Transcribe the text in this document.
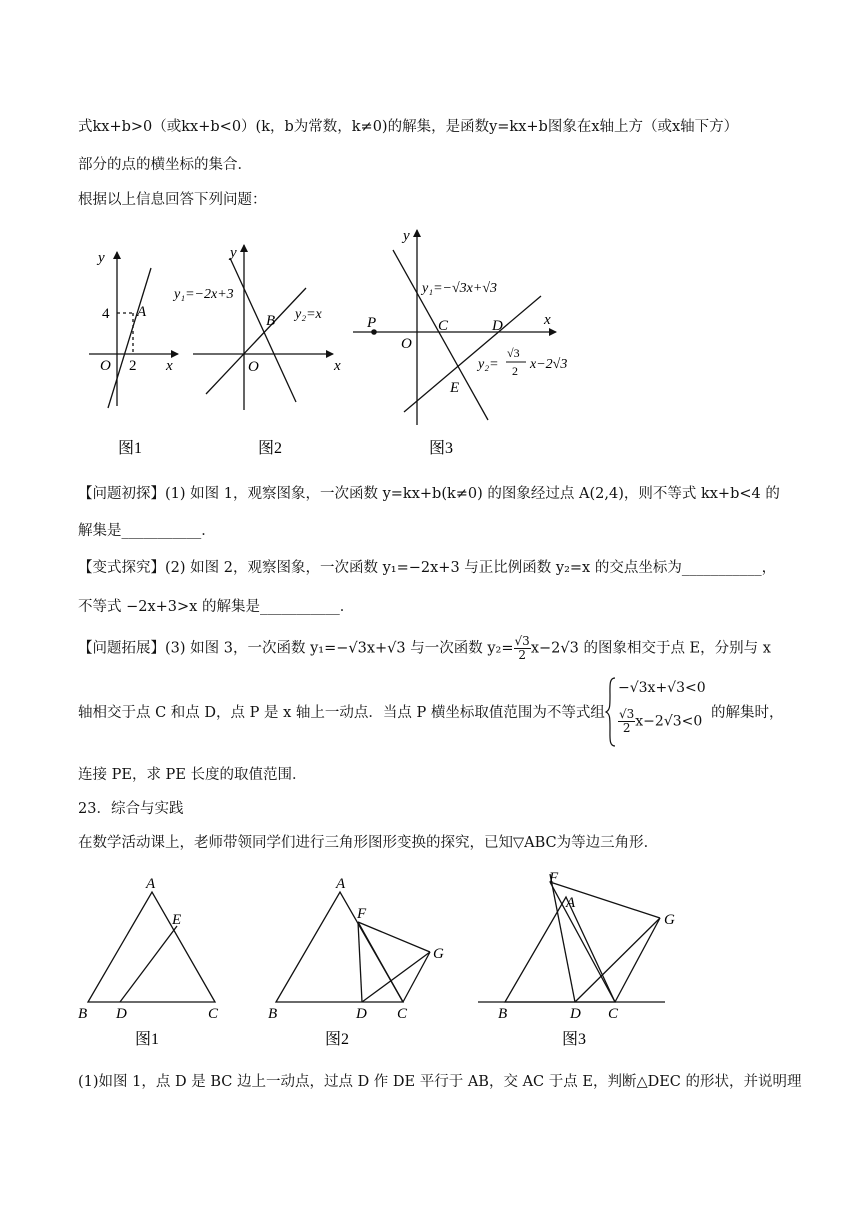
式kx+b>0（或kx+b<0）(k，b为常数，k≠0)的解集，是函数y=kx+b图象在x轴上方（或x轴下方）
部分的点的横坐标的集合．
根据以上信息回答下列问题：
y
x
O
A
4
2
图1
y
x
O
B
y₁=−2x+3
y₂=x
图2
y
x
O
P	C	D
E
y₁=−√3x+√3
y₂=
√3
2 x−2√3
图3
【问题初探】(1) 如图 1，观察图象，一次函数 y=kx+b(k≠0) 的图象经过点 A(2,4)，则不等式 kx+b<4 的
解集是___________．
【变式探究】(2) 如图 2，观察图象，一次函数 y₁=−2x+3 与正比例函数 y₂=x 的交点坐标为___________，
不等式 −2x+3>x 的解集是___________．
【问题拓展】(3) 如图 3，一次函数 y₁=−√3x+√3 与一次函数 $y_2= \frac{√3}{2} x-2√3$ 的图象相交于点 E，分别与 x
轴相交于点 C 和点 D，点 P 是 x 轴上一动点．当点 P 横坐标取值范围为不等式组
−√3x+√3<0
$\frac{√3}{2} x-2√3<0$
的解集时，
连接 PE，求 PE 长度的取值范围．
23．综合与实践
在数学活动课上，老师带领同学们进行三角形图形变换的探究，已知▽ABC为等边三角形．
A
B	C
D
E
图1
A
B	C
D
F
G
图2
A
B	C
D
F
G
图3
(1)如图 1，点 D 是 BC 边上一动点，过点 D 作 DE 平行于 AB，交 AC 于点 E，判断△DEC 的形状，并说明理
